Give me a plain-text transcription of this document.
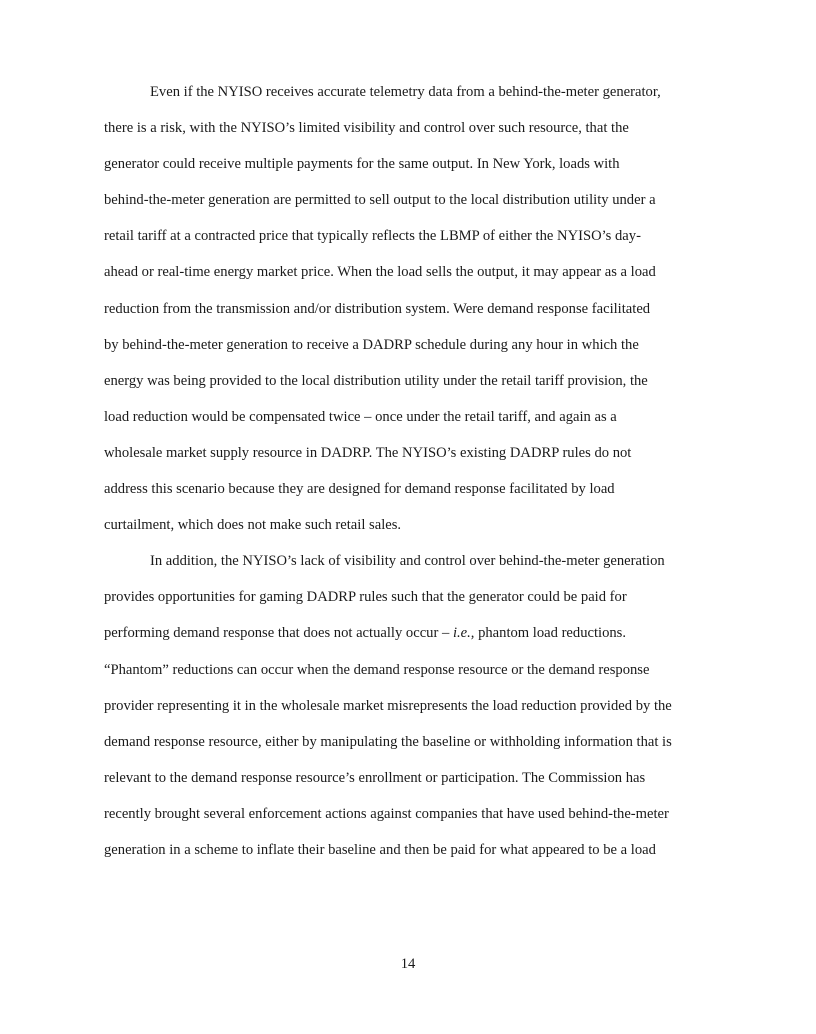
Even if the NYISO receives accurate telemetry data from a behind-the-meter generator,
there is a risk, with the NYISO’s limited visibility and control over such resource, that the
generator could receive multiple payments for the same output. In New York, loads with
behind-the-meter generation are permitted to sell output to the local distribution utility under a
retail tariff at a contracted price that typically reflects the LBMP of either the NYISO’s day-
ahead or real-time energy market price. When the load sells the output, it may appear as a load
reduction from the transmission and/or distribution system. Were demand response facilitated
by behind-the-meter generation to receive a DADRP schedule during any hour in which the
energy was being provided to the local distribution utility under the retail tariff provision, the
load reduction would be compensated twice – once under the retail tariff, and again as a
wholesale market supply resource in DADRP. The NYISO’s existing DADRP rules do not
address this scenario because they are designed for demand response facilitated by load
curtailment, which does not make such retail sales.
In addition, the NYISO’s lack of visibility and control over behind-the-meter generation
provides opportunities for gaming DADRP rules such that the generator could be paid for
performing demand response that does not actually occur – i.e., phantom load reductions.
“Phantom” reductions can occur when the demand response resource or the demand response
provider representing it in the wholesale market misrepresents the load reduction provided by the
demand response resource, either by manipulating the baseline or withholding information that is
relevant to the demand response resource’s enrollment or participation. The Commission has
recently brought several enforcement actions against companies that have used behind-the-meter
generation in a scheme to inflate their baseline and then be paid for what appeared to be a load
14
